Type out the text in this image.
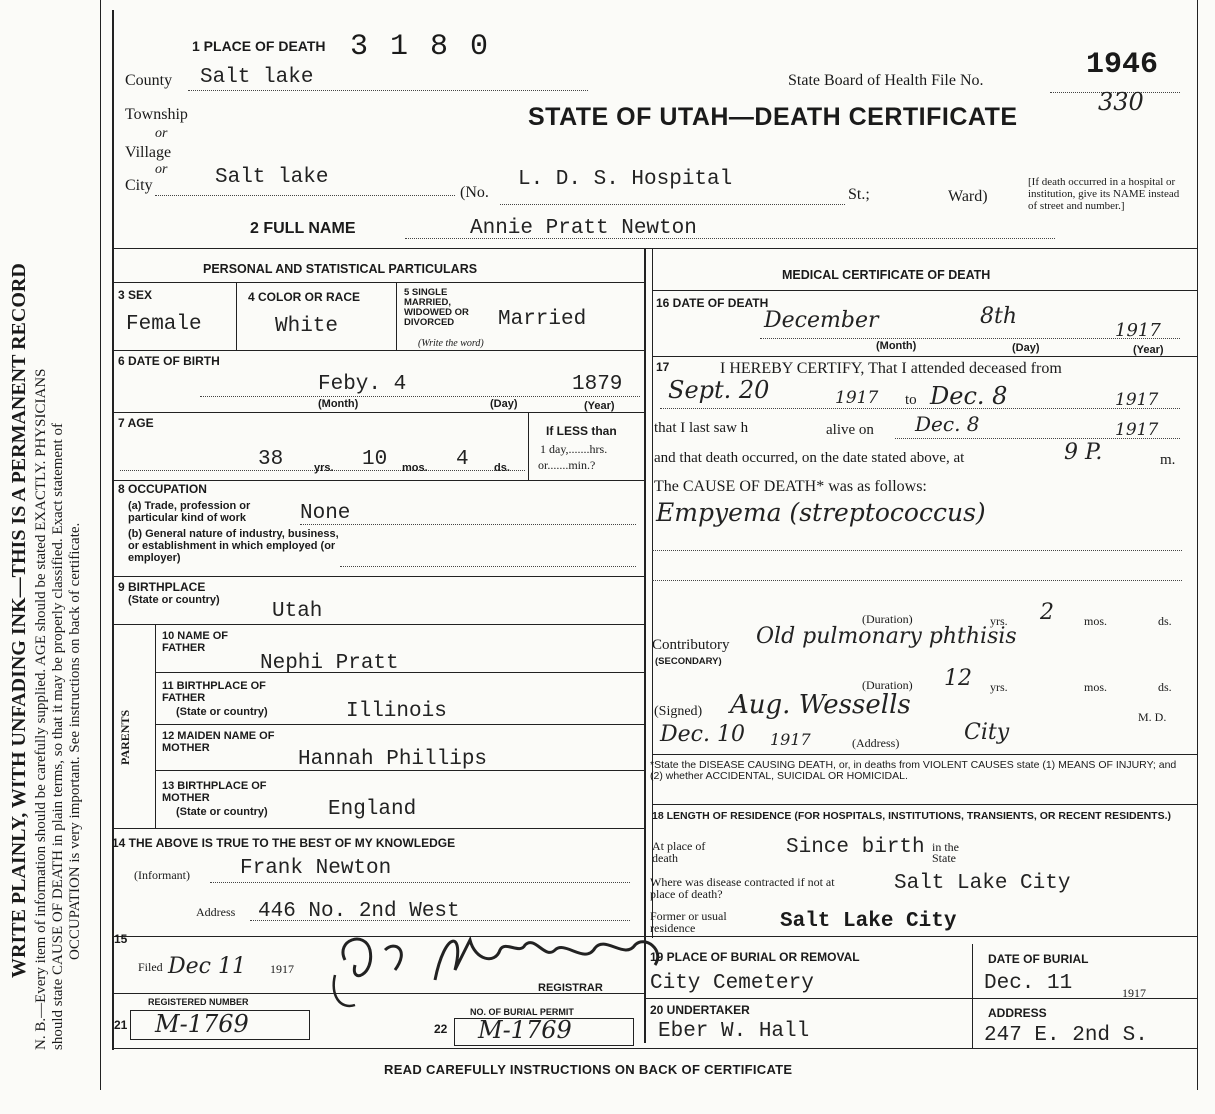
WRITE PLAINLY, WITH UNFADING INK—THIS IS A PERMANENT RECORD N. B.—Every item of information should be carefully supplied. AGE should be stated EXACTLY. PHYSICIANS should state CAUSE OF DEATH in plain terms, so that it may be properly classified. Exact statement of OCCUPATION is very important. See instructions on back of certificate.
1 PLACE OF DEATH 3 1 8 0
County Salt lake
Township
or
Village
or
City	Salt lake
(No.
L. D. S. Hospital
St.;	Ward)
[If death occurred in a hospital or institution, give its NAME instead of street and number.]
State Board of Health File No.	1946
330
STATE OF UTAH—DEATH CERTIFICATE
2 FULL NAME	Annie Pratt Newton
PERSONAL AND STATISTICAL PARTICULARS
3 SEX
Female
4 COLOR OR RACE
White
5 SINGLE MARRIED, WIDOWED OR DIVORCED
(Write the word)
Married
6 DATE OF BIRTH
Feby. 4	1879
(Month)	(Day)	(Year)
7 AGE
38	yrs. 10 mos. 4 ds.
If LESS than
1 day,.......hrs.
or.......min.?
8 OCCUPATION
(a) Trade, profession or particular kind of work	None
(b) General nature of industry, business, or establishment in which employed (or employer)
9 BIRTHPLACE
(State or country) Utah
PARENTS
10 NAME OF FATHER
Nephi Pratt
11 BIRTHPLACE OF FATHER
(State or country)	Illinois
12 MAIDEN NAME OF MOTHER	Hannah Phillips
13 BIRTHPLACE OF MOTHER
(State or country)	England
14 THE ABOVE IS TRUE TO THE BEST OF MY KNOWLEDGE
(Informant) Frank Newton
Address 446 No. 2nd West
15
Filed Dec 11 1917
REGISTRAR
REGISTERED NUMBER
21 M-1769	NO. OF BURIAL PERMIT
22 M-1769
MEDICAL CERTIFICATE OF DEATH
16 DATE OF DEATH
December	8th
1917
(Month)	(Day)	(Year)
17	I HEREBY CERTIFY, That I attended deceased from
Sept. 20	1917 to Dec. 8	1917
that I last saw h	alive on Dec. 8	1917
and that death occurred, on the date stated above, at	9 P.	m.
The CAUSE OF DEATH* was as follows:
Empyema (streptococcus)
(Duration)	yrs. 2	mos.	ds.
Contributory
(SECONDARY)
Old pulmonary phthisis
(Duration) 12 yrs.	mos.	ds.
(Signed) Aug. Wessells	M. D.
Dec. 10 1917	(Address)	City
*State the DISEASE CAUSING DEATH, or, in deaths from VIOLENT CAUSES state (1) MEANS OF INJURY; and (2) whether ACCIDENTAL, SUICIDAL OR HOMICIDAL.
18 LENGTH OF RESIDENCE (FOR HOSPITALS, INSTITUTIONS, TRANSIENTS, OR RECENT RESIDENTS.)
At place of death	Since birth in the State
Where was disease contracted if not at place of death?	Salt Lake City
Former or usual residence	Salt Lake City
19 PLACE OF BURIAL OR REMOVAL
City Cemetery
DATE OF BURIAL
Dec. 11	1917
20 UNDERTAKER
Eber W. Hall
ADDRESS
247 E. 2nd S.
READ CAREFULLY INSTRUCTIONS ON BACK OF CERTIFICATE
